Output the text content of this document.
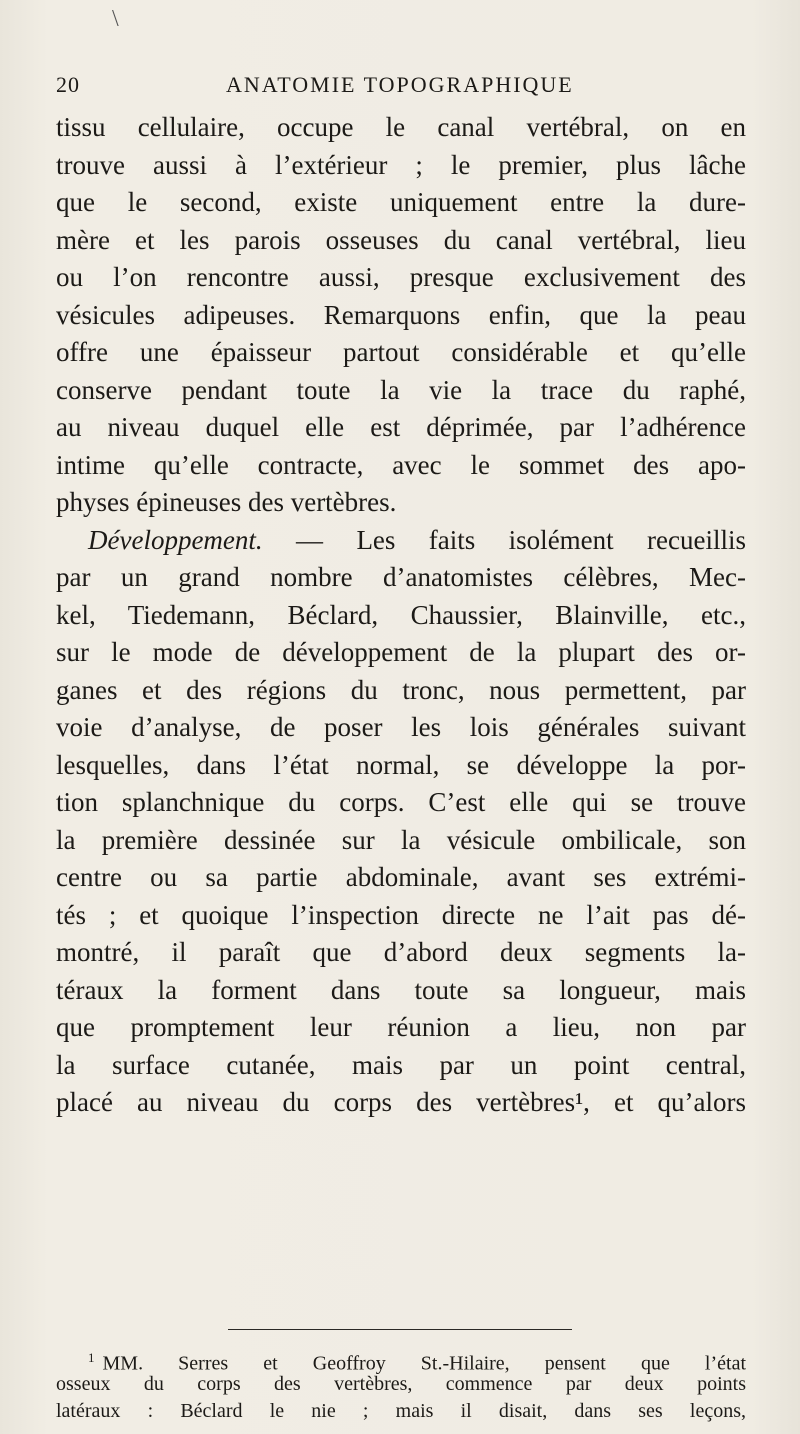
\
20	ANATOMIE TOPOGRAPHIQUE
tissu cellulaire, occupe le canal vertébral, on en
trouve aussi à l’extérieur ; le premier, plus lâche
que le second, existe uniquement entre la dure-
mère et les parois osseuses du canal vertébral, lieu
ou l’on rencontre aussi, presque exclusivement des
vésicules adipeuses. Remarquons enfin, que la peau
offre une épaisseur partout considérable et qu’elle
conserve pendant toute la vie la trace du raphé,
au niveau duquel elle est déprimée, par l’adhérence
intime qu’elle contracte, avec le sommet des apo-
physes épineuses des vertèbres.
Développement. — Les faits isolément recueillis
par un grand nombre d’anatomistes célèbres, Mec-
kel, Tiedemann, Béclard, Chaussier, Blainville, etc.,
sur le mode de développement de la plupart des or-
ganes et des régions du tronc, nous permettent, par
voie d’analyse, de poser les lois générales suivant
lesquelles, dans l’état normal, se développe la por-
tion splanchnique du corps. C’est elle qui se trouve
la première dessinée sur la vésicule ombilicale, son
centre ou sa partie abdominale, avant ses extrémi-
tés ; et quoique l’inspection directe ne l’ait pas dé-
montré, il paraît que d’abord deux segments la-
téraux la forment dans toute sa longueur, mais
que promptement leur réunion a lieu, non par
la surface cutanée, mais par un point central,
placé au niveau du corps des vertèbres¹, et qu’alors
$^1$ MM. Serres et Geoffroy St.-Hilaire, pensent que l’état
osseux du corps des vertèbres, commence par deux points
latéraux : Béclard le nie ; mais il disait, dans ses leçons,
